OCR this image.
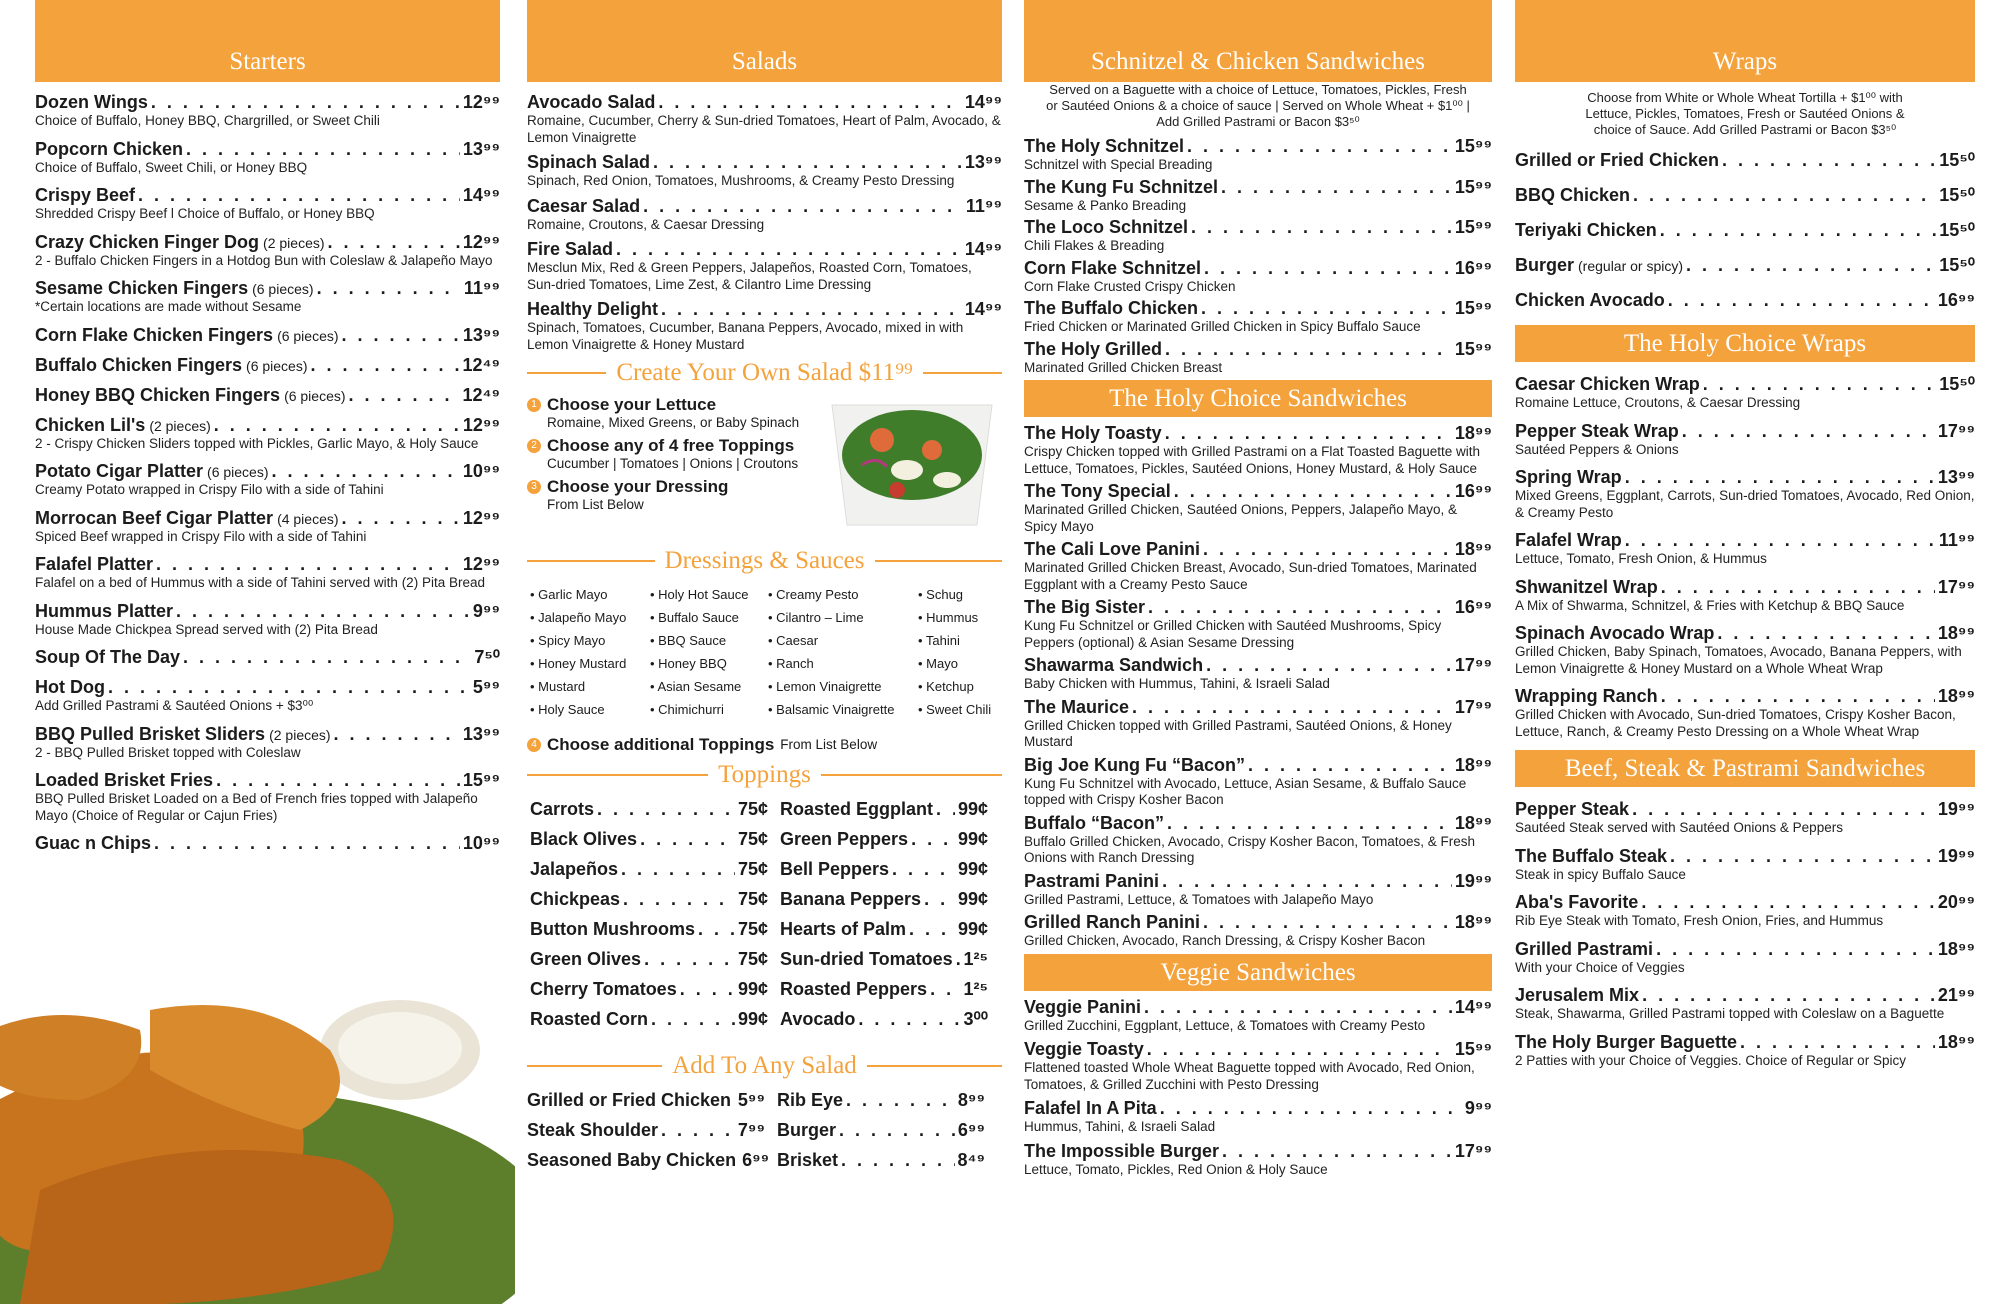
Starters
Dozen Wings . . .	12⁹⁹
Choice of Buffalo, Honey BBQ, Chargrilled, or Sweet Chili
Popcorn Chicken . . .	13⁹⁹
Choice of Buffalo, Sweet Chili, or Honey BBQ
Crispy Beef . . .	14⁹⁹
Shredded Crispy Beef l Choice of Buffalo, or Honey BBQ
Crazy Chicken Finger Dog (2 pieces) . . .	12⁹⁹
2 - Buffalo Chicken Fingers in a Hotdog Bun with Coleslaw & Jalapeño Mayo
Sesame Chicken Fingers (6 pieces) . . .	11⁹⁹
*Certain locations are made without Sesame
Corn Flake Chicken Fingers (6 pieces) . . .	13⁹⁹
Buffalo Chicken Fingers (6 pieces) . . .	12⁴⁹
Honey BBQ Chicken Fingers (6 pieces) . . .	12⁴⁹
Chicken Lil's (2 pieces) . . .	12⁹⁹
2 - Crispy Chicken Sliders topped with Pickles, Garlic Mayo, & Holy Sauce
Potato Cigar Platter (6 pieces) . . .	10⁹⁹
Creamy Potato wrapped in Crispy Filo with a side of Tahini
Morrocan Beef Cigar Platter (4 pieces) . . .	12⁹⁹
Spiced Beef wrapped in Crispy Filo with a side of Tahini
Falafel Platter . . .	12⁹⁹
Falafel on a bed of Hummus with a side of Tahini served with (2) Pita Bread
Hummus Platter . . .	9⁹⁹
House Made Chickpea Spread served with (2) Pita Bread
Soup Of The Day . . .	7⁵⁰
Hot Dog . . .	5⁹⁹
Add Grilled Pastrami & Sautéed Onions + $3⁰⁰
BBQ Pulled Brisket Sliders (2 pieces) . . .	13⁹⁹
2 - BBQ Pulled Brisket topped with Coleslaw
Loaded Brisket Fries . . .	15⁹⁹
BBQ Pulled Brisket Loaded on a Bed of French fries topped with Jalapeño Mayo (Choice of Regular or Cajun Fries)
Guac n Chips . . .	10⁹⁹
Salads
Avocado Salad . . .	14⁹⁹
Romaine, Cucumber, Cherry & Sun-dried Tomatoes, Heart of Palm, Avocado, & Lemon Vinaigrette
Spinach Salad . . .	13⁹⁹
Spinach, Red Onion, Tomatoes, Mushrooms, & Creamy Pesto Dressing
Caesar Salad . . .	11⁹⁹
Romaine, Croutons, & Caesar Dressing
Fire Salad . . .	14⁹⁹
Mesclun Mix, Red & Green Peppers, Jalapeños, Roasted Corn, Tomatoes, Sun-dried Tomatoes, Lime Zest, & Cilantro Lime Dressing
Healthy Delight . . .	14⁹⁹
Spinach, Tomatoes, Cucumber, Banana Peppers, Avocado, mixed in with Lemon Vinaigrette & Honey Mustard
Create Your Own Salad $11⁹⁹
1 Choose your Lettuce
Romaine, Mixed Greens, or Baby Spinach
2 Choose any of 4 free Toppings
Cucumber | Tomatoes | Onions | Croutons
3 Choose your Dressing
From List Below
Dressings & Sauces
• Garlic Mayo	• Holy Hot Sauce	• Creamy Pesto	• Schug
• Jalapeño Mayo	• Buffalo Sauce	• Cilantro – Lime	• Hummus
• Spicy Mayo	• BBQ Sauce	• Caesar	• Tahini
• Honey Mustard	• Honey BBQ	• Ranch	• Mayo
• Mustard	• Asian Sesame	• Lemon Vinaigrette	• Ketchup
• Holy Sauce	• Chimichurri	• Balsamic Vinaigrette	• Sweet Chili
4 Choose additional Toppings From List Below
Toppings
Carrots . . .	75¢ Roasted Eggplant . . . 99¢
Black Olives . . .	75¢ Green Peppers . . .	99¢
Jalapeños . . .	75¢ Bell Peppers . . .	99¢
Chickpeas . . .	75¢ Banana Peppers . . . 99¢
Button Mushrooms . . . 75¢ Hearts of Palm . . .	99¢
Green Olives . . .	75¢ Sun-dried Tomatoes . . . 1²⁵
Cherry Tomatoes . . .	99¢ Roasted Peppers . . . 1²⁵
Roasted Corn . . .	99¢ Avocado . . .	3⁰⁰
Add To Any Salad
Grilled or Fried Chicken . . . 5⁹⁹ Rib Eye . . .	8⁹⁹
Steak Shoulder . . .	7⁹⁹ Burger . . .	6⁹⁹
Seasoned Baby Chicken 6⁹⁹ Brisket . . .	8⁴⁹
Schnitzel & Chicken Sandwiches
Served on a Baguette with a choice of Lettuce, Tomatoes, Pickles, Fresh or Sautéed Onions & a choice of sauce | Served on Whole Wheat + $1⁰⁰ | Add Grilled Pastrami or Bacon $3⁵⁰
The Holy Schnitzel . . .	15⁹⁹
Schnitzel with Special Breading
The Kung Fu Schnitzel . . .	15⁹⁹
Sesame & Panko Breading
The Loco Schnitzel . . .	15⁹⁹
Chili Flakes & Breading
Corn Flake Schnitzel . . .	16⁹⁹
Corn Flake Crusted Crispy Chicken
The Buffalo Chicken . . .	15⁹⁹
Fried Chicken or Marinated Grilled Chicken in Spicy Buffalo Sauce
The Holy Grilled . . .	15⁹⁹
Marinated Grilled Chicken Breast
The Holy Choice Sandwiches
The Holy Toasty . . .	18⁹⁹
Crispy Chicken topped with Grilled Pastrami on a Flat Toasted Baguette with Lettuce, Tomatoes, Pickles, Sautéed Onions, Honey Mustard, & Holy Sauce
The Tony Special . . .	16⁹⁹
Marinated Grilled Chicken, Sautéed Onions, Peppers, Jalapeño Mayo, & Spicy Mayo
The Cali Love Panini . . .	18⁹⁹
Marinated Grilled Chicken Breast, Avocado, Sun-dried Tomatoes, Marinated Eggplant with a Creamy Pesto Sauce
The Big Sister . . .	16⁹⁹
Kung Fu Schnitzel or Grilled Chicken with Sautéed Mushrooms, Spicy Peppers (optional) & Asian Sesame Dressing
Shawarma Sandwich . . .	17⁹⁹
Baby Chicken with Hummus, Tahini, & Israeli Salad
The Maurice . . .	17⁹⁹
Grilled Chicken topped with Grilled Pastrami, Sautéed Onions, & Honey Mustard
Big Joe Kung Fu “Bacon” . . .	18⁹⁹
Kung Fu Schnitzel with Avocado, Lettuce, Asian Sesame, & Buffalo Sauce topped with Crispy Kosher Bacon
Buffalo “Bacon” . . .	18⁹⁹
Buffalo Grilled Chicken, Avocado, Crispy Kosher Bacon, Tomatoes, & Fresh Onions with Ranch Dressing
Pastrami Panini . . .	19⁹⁹
Grilled Pastrami, Lettuce, & Tomatoes with Jalapeño Mayo
Grilled Ranch Panini . . .	18⁹⁹
Grilled Chicken, Avocado, Ranch Dressing, & Crispy Kosher Bacon
Veggie Sandwiches
Veggie Panini . . .	14⁹⁹
Grilled Zucchini, Eggplant, Lettuce, & Tomatoes with Creamy Pesto
Veggie Toasty . . .	15⁹⁹
Flattened toasted Whole Wheat Baguette topped with Avocado, Red Onion, Tomatoes, & Grilled Zucchini with Pesto Dressing
Falafel In A Pita . . .	9⁹⁹
Hummus, Tahini, & Israeli Salad
The Impossible Burger . . .	17⁹⁹
Lettuce, Tomato, Pickles, Red Onion & Holy Sauce
Wraps
Choose from White or Whole Wheat Tortilla + $1⁰⁰ with Lettuce, Pickles, Tomatoes, Fresh or Sautéed Onions & choice of Sauce. Add Grilled Pastrami or Bacon $3⁵⁰
Grilled or Fried Chicken . . .	15⁵⁰
BBQ Chicken . . .	15⁵⁰
Teriyaki Chicken . . .	15⁵⁰
Burger (regular or spicy) . . .	15⁵⁰
Chicken Avocado . . .	16⁹⁹
The Holy Choice Wraps
Caesar Chicken Wrap . . .	15⁵⁰
Romaine Lettuce, Croutons, & Caesar Dressing
Pepper Steak Wrap . . .	17⁹⁹
Sautéed Peppers & Onions
Spring Wrap . . .	13⁹⁹
Mixed Greens, Eggplant, Carrots, Sun-dried Tomatoes, Avocado, Red Onion, & Creamy Pesto
Falafel Wrap . . .	11⁹⁹
Lettuce, Tomato, Fresh Onion, & Hummus
Shwanitzel Wrap . . .	17⁹⁹
A Mix of Shwarma, Schnitzel, & Fries with Ketchup & BBQ Sauce
Spinach Avocado Wrap . . .	18⁹⁹
Grilled Chicken, Baby Spinach, Tomatoes, Avocado, Banana Peppers, with Lemon Vinaigrette & Honey Mustard on a Whole Wheat Wrap
Wrapping Ranch . . .	18⁹⁹
Grilled Chicken with Avocado, Sun-dried Tomatoes, Crispy Kosher Bacon, Lettuce, Ranch, & Creamy Pesto Dressing on a Whole Wheat Wrap
Beef, Steak & Pastrami Sandwiches
Pepper Steak . . .	19⁹⁹
Sautéed Steak served with Sautéed Onions & Peppers
The Buffalo Steak . . .	19⁹⁹
Steak in spicy Buffalo Sauce
Aba's Favorite . . .	20⁹⁹
Rib Eye Steak with Tomato, Fresh Onion, Fries, and Hummus
Grilled Pastrami . . .	18⁹⁹
With your Choice of Veggies
Jerusalem Mix . . .	21⁹⁹
Steak, Shawarma, Grilled Pastrami topped with Coleslaw on a Baguette
The Holy Burger Baguette . . .	18⁹⁹
2 Patties with your Choice of Veggies. Choice of Regular or Spicy
